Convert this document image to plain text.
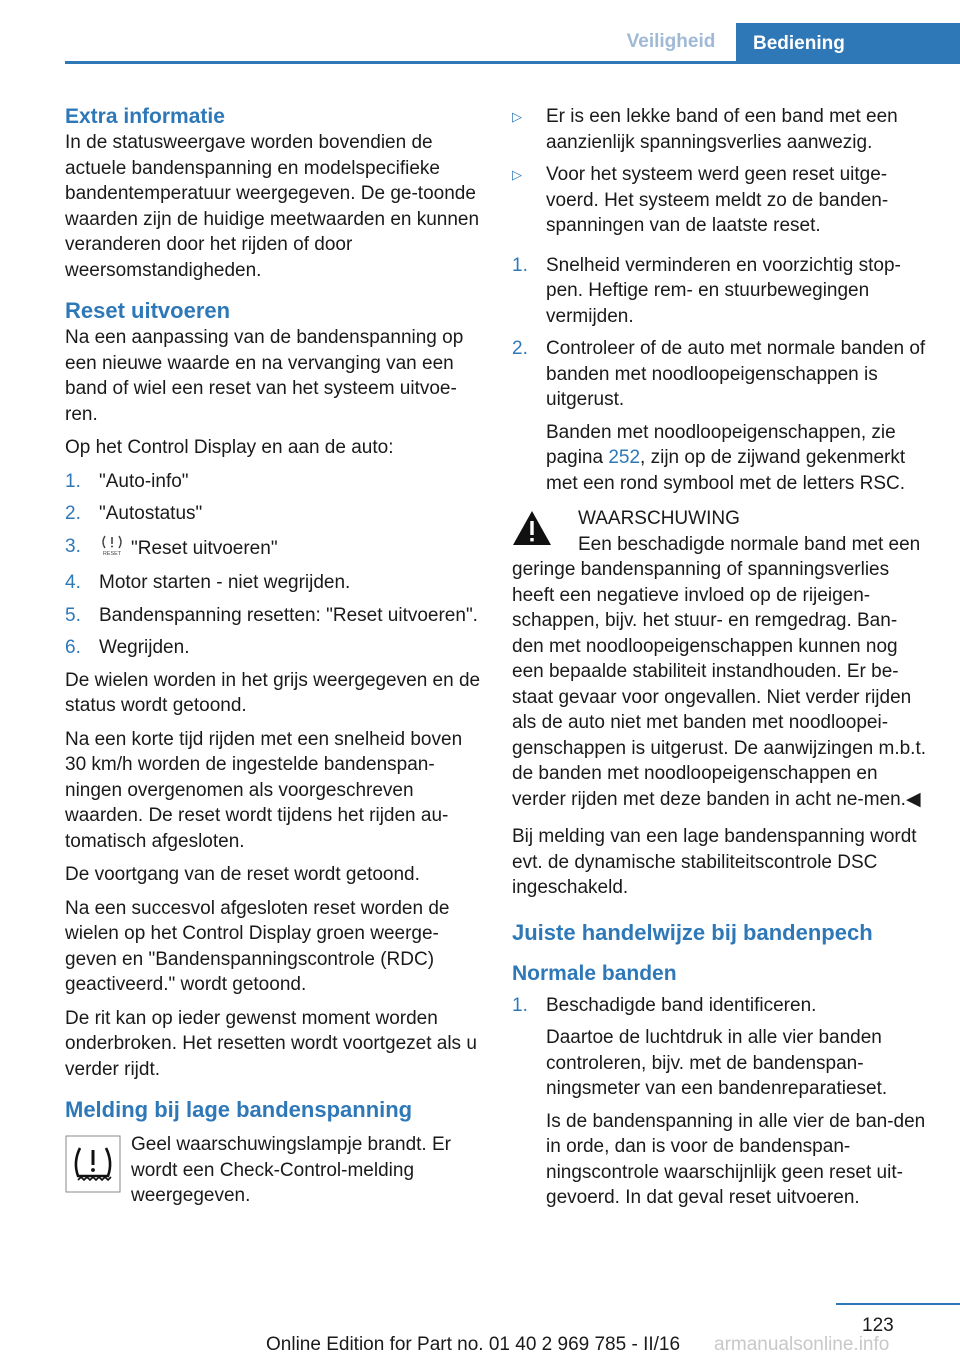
Veiligheid	Bediening
Extra informatie

In de statusweergave worden bovendien de actuele bandenspanning en modelspecifieke bandentemperatuur weergegeven. De ge-toonde waarden zijn de huidige meetwaarden en kunnen veranderen door het rijden of door weersomstandigheden.

Reset uitvoeren

Na een aanpassing van de bandenspanning op een nieuwe waarde en na vervanging van een band of wiel een reset van het systeem uitvoe-ren.

Op het Control Display en aan de auto:

1. "Auto-info"
2. "Autostatus"
3.	RESET "Reset uitvoeren"
4. Motor starten - niet wegrijden.
5. Bandenspanning resetten: "Reset uitvoeren".
6. Wegrijden.

De wielen worden in het grijs weergegeven en de status wordt getoond.

Na een korte tijd rijden met een snelheid boven 30 km/h worden de ingestelde bandenspan-ningen overgenomen als voorgeschreven waarden. De reset wordt tijdens het rijden au-tomatisch afgesloten.

De voortgang van de reset wordt getoond.

Na een succesvol afgesloten reset worden de wielen op het Control Display groen weerge-geven en "Bandenspanningscontrole (RDC) geactiveerd." wordt getoond.

De rit kan op ieder gewenst moment worden onderbroken. Het resetten wordt voortgezet als u verder rijdt.

Melding bij lage bandenspanning
Geel waarschuwingslampje brandt. Er wordt een Check-Control-melding weergegeven.
▷ Er is een lekke band of een band met een aanzienlijk spanningsverlies aanwezig.
▷ Voor het systeem werd geen reset uitge-voerd. Het systeem meldt zo de banden-spanningen van de laatste reset.
1. Snelheid verminderen en voorzichtig stop-pen. Heftige rem- en stuurbewegingen vermijden.
2. Controleer of de auto met normale banden of banden met noodloopeigenschappen is uitgerust.

Banden met noodloopeigenschappen, zie pagina 252, zijn op de zijwand gekenmerkt met een rond symbool met de letters RSC.

WAARSCHUWING
Een beschadigde normale band met een

geringe bandenspanning of spanningsverlies heeft een negatieve invloed op de rijeigen-schappen, bijv. het stuur- en remgedrag. Ban-den met noodloopeigenschappen kunnen nog een bepaalde stabiliteit instandhouden. Er be-staat gevaar voor ongevallen. Niet verder rijden als de auto niet met banden met noodloopei-genschappen is uitgerust. De aanwijzingen m.b.t. de banden met noodloopeigenschappen en verder rijden met deze banden in acht ne-men.◀

Bij melding van een lage bandenspanning wordt evt. de dynamische stabiliteitscontrole DSC ingeschakeld.

Juiste handelwijze bij bandenpech
Normale banden
1. Beschadigde band identificeren.

Daartoe de luchtdruk in alle vier banden controleren, bijv. met de bandenspan-ningsmeter van een bandenreparatieset.

Is de bandenspanning in alle vier de ban-den in orde, dan is voor de bandenspan-ningscontrole waarschijnlijk geen reset uit-gevoerd. In dat geval reset uitvoeren.

123
Online Edition for Part no. 01 40 2 969 785 - II/16 armanualsonline.info
